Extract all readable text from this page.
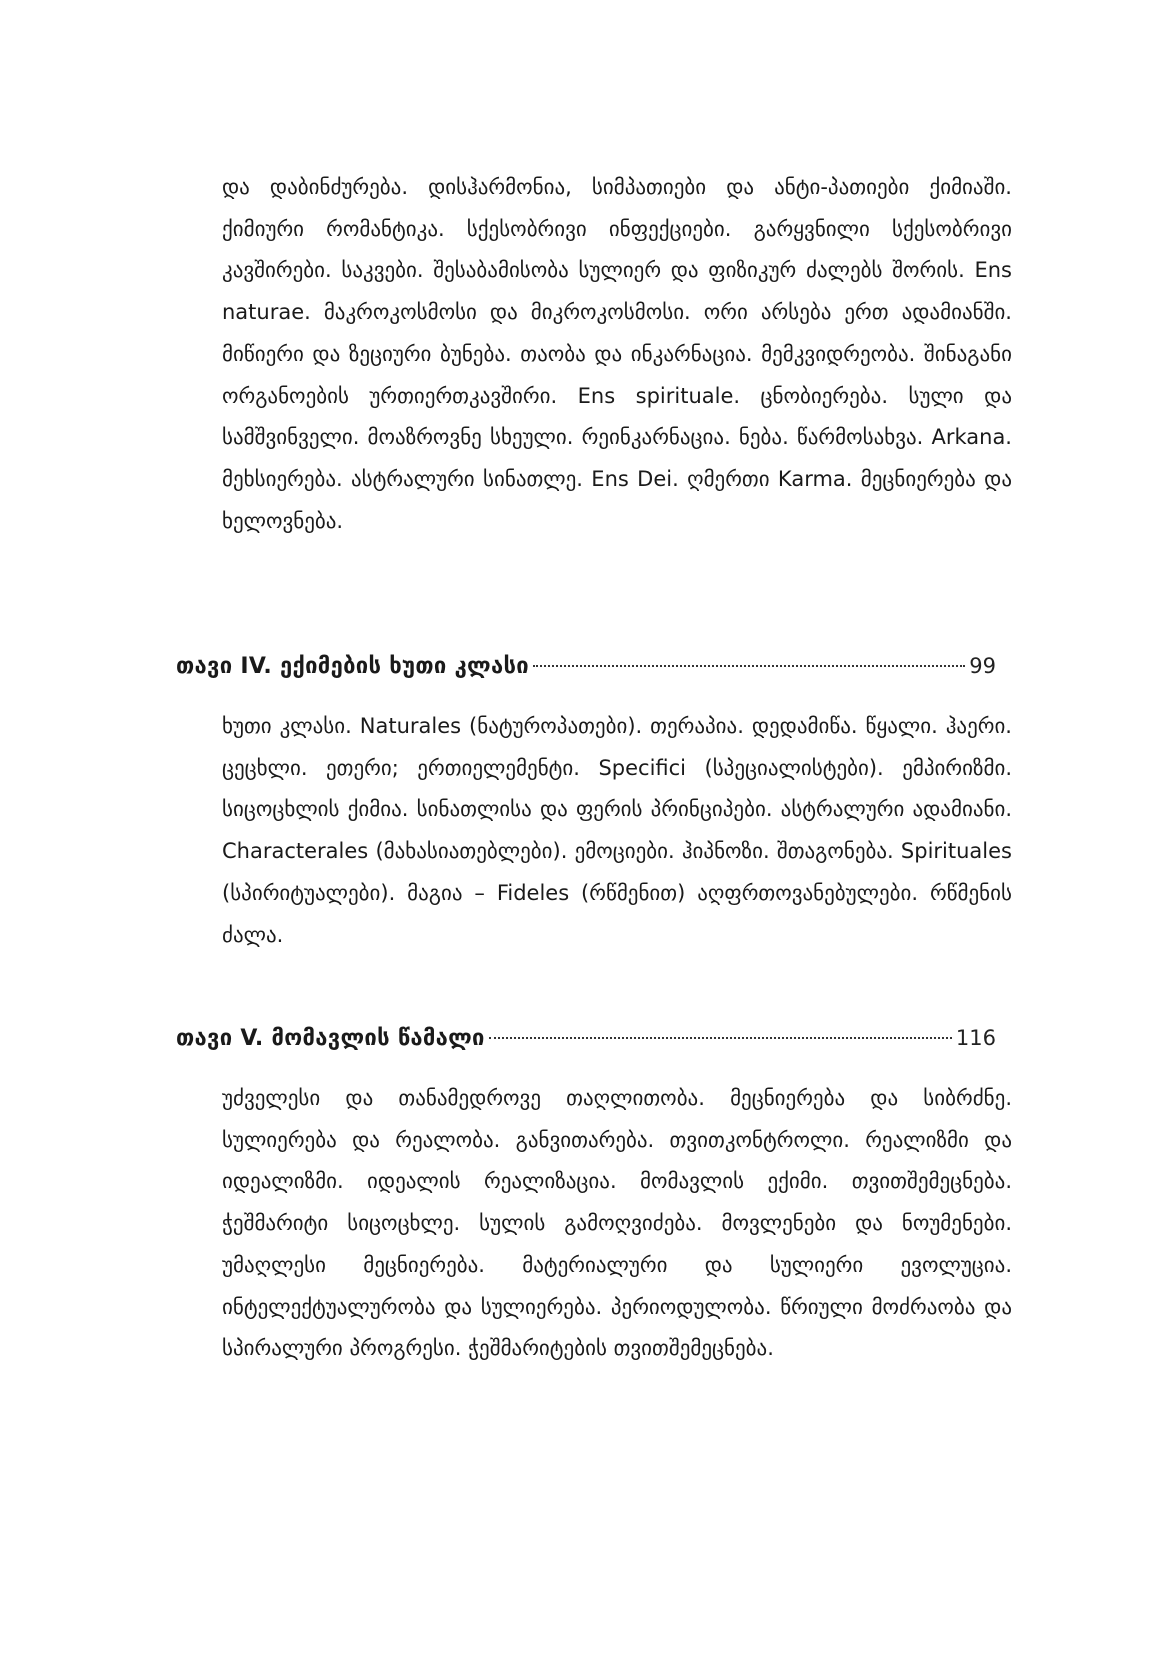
და დაბინძურება. დისჰარმონია, სიმპათიები და ანტი-პათიები ქიმიაში. ქიმიური რომანტიკა. სქესობრივი ინფექციები. გარყვნილი სქესობრივი კავშირები. საკვები. შესაბამისობა სულიერ და ფიზიკურ ძალებს შორის. Ens naturae. მაკროკოსმოსი და მიკროკოსმოსი. ორი არსება ერთ ადამიანში. მიწიერი და ზეციური ბუნება. თაობა და ინკარნაცია. მემკვიდრეობა. შინაგანი ორგანოების ურთიერთკავშირი. Ens spirituale. ცნობიერება. სული და სამშვინველი. მოაზროვნე სხეული. რეინკარნაცია. ნება. წარმოსახვა. Arkana. მეხსიერება. ასტრალური სინათლე. Ens Dei. ღმერთი Karma. მეცნიერება და ხელოვნება.

თავი IV. ექიმების ხუთი კლასი	99

ხუთი კლასი. Naturales (ნატუროპათები). თერაპია. დედამიწა. წყალი. ჰაერი. ცეცხლი. ეთერი; ერთიელემენტი. Specifici (სპეციალისტები). ემპირიზმი. სიცოცხლის ქიმია. სინათლისა და ფერის პრინციპები. ასტრალური ადამიანი. Characterales (მახასიათებლები). ემოციები. ჰიპნოზი. შთაგონება. Spirituales (სპირიტუალები). მაგია – Fideles (რწმენით) აღფრთოვანებულები. რწმენის ძალა.

თავი V. მომავლის წამალი	116

უძველესი და თანამედროვე თაღლითობა. მეცნიერება და სიბრძნე. სულიერება და რეალობა. განვითარება. თვითკონტროლი. რეალიზმი და იდეალიზმი. იდეალის რეალიზაცია. მომავლის ექიმი. თვითშემეცნება. ჭეშმარიტი სიცოცხლე. სულის გამოღვიძება. მოვლენები და ნოუმენები. უმაღლესი მეცნიერება. მატერიალური და სულიერი ევოლუცია. ინტელექტუალურობა და სულიერება. პერიოდულობა. წრიული მოძრაობა და სპირალური პროგრესი. ჭეშმარიტების თვითშემეცნება.
